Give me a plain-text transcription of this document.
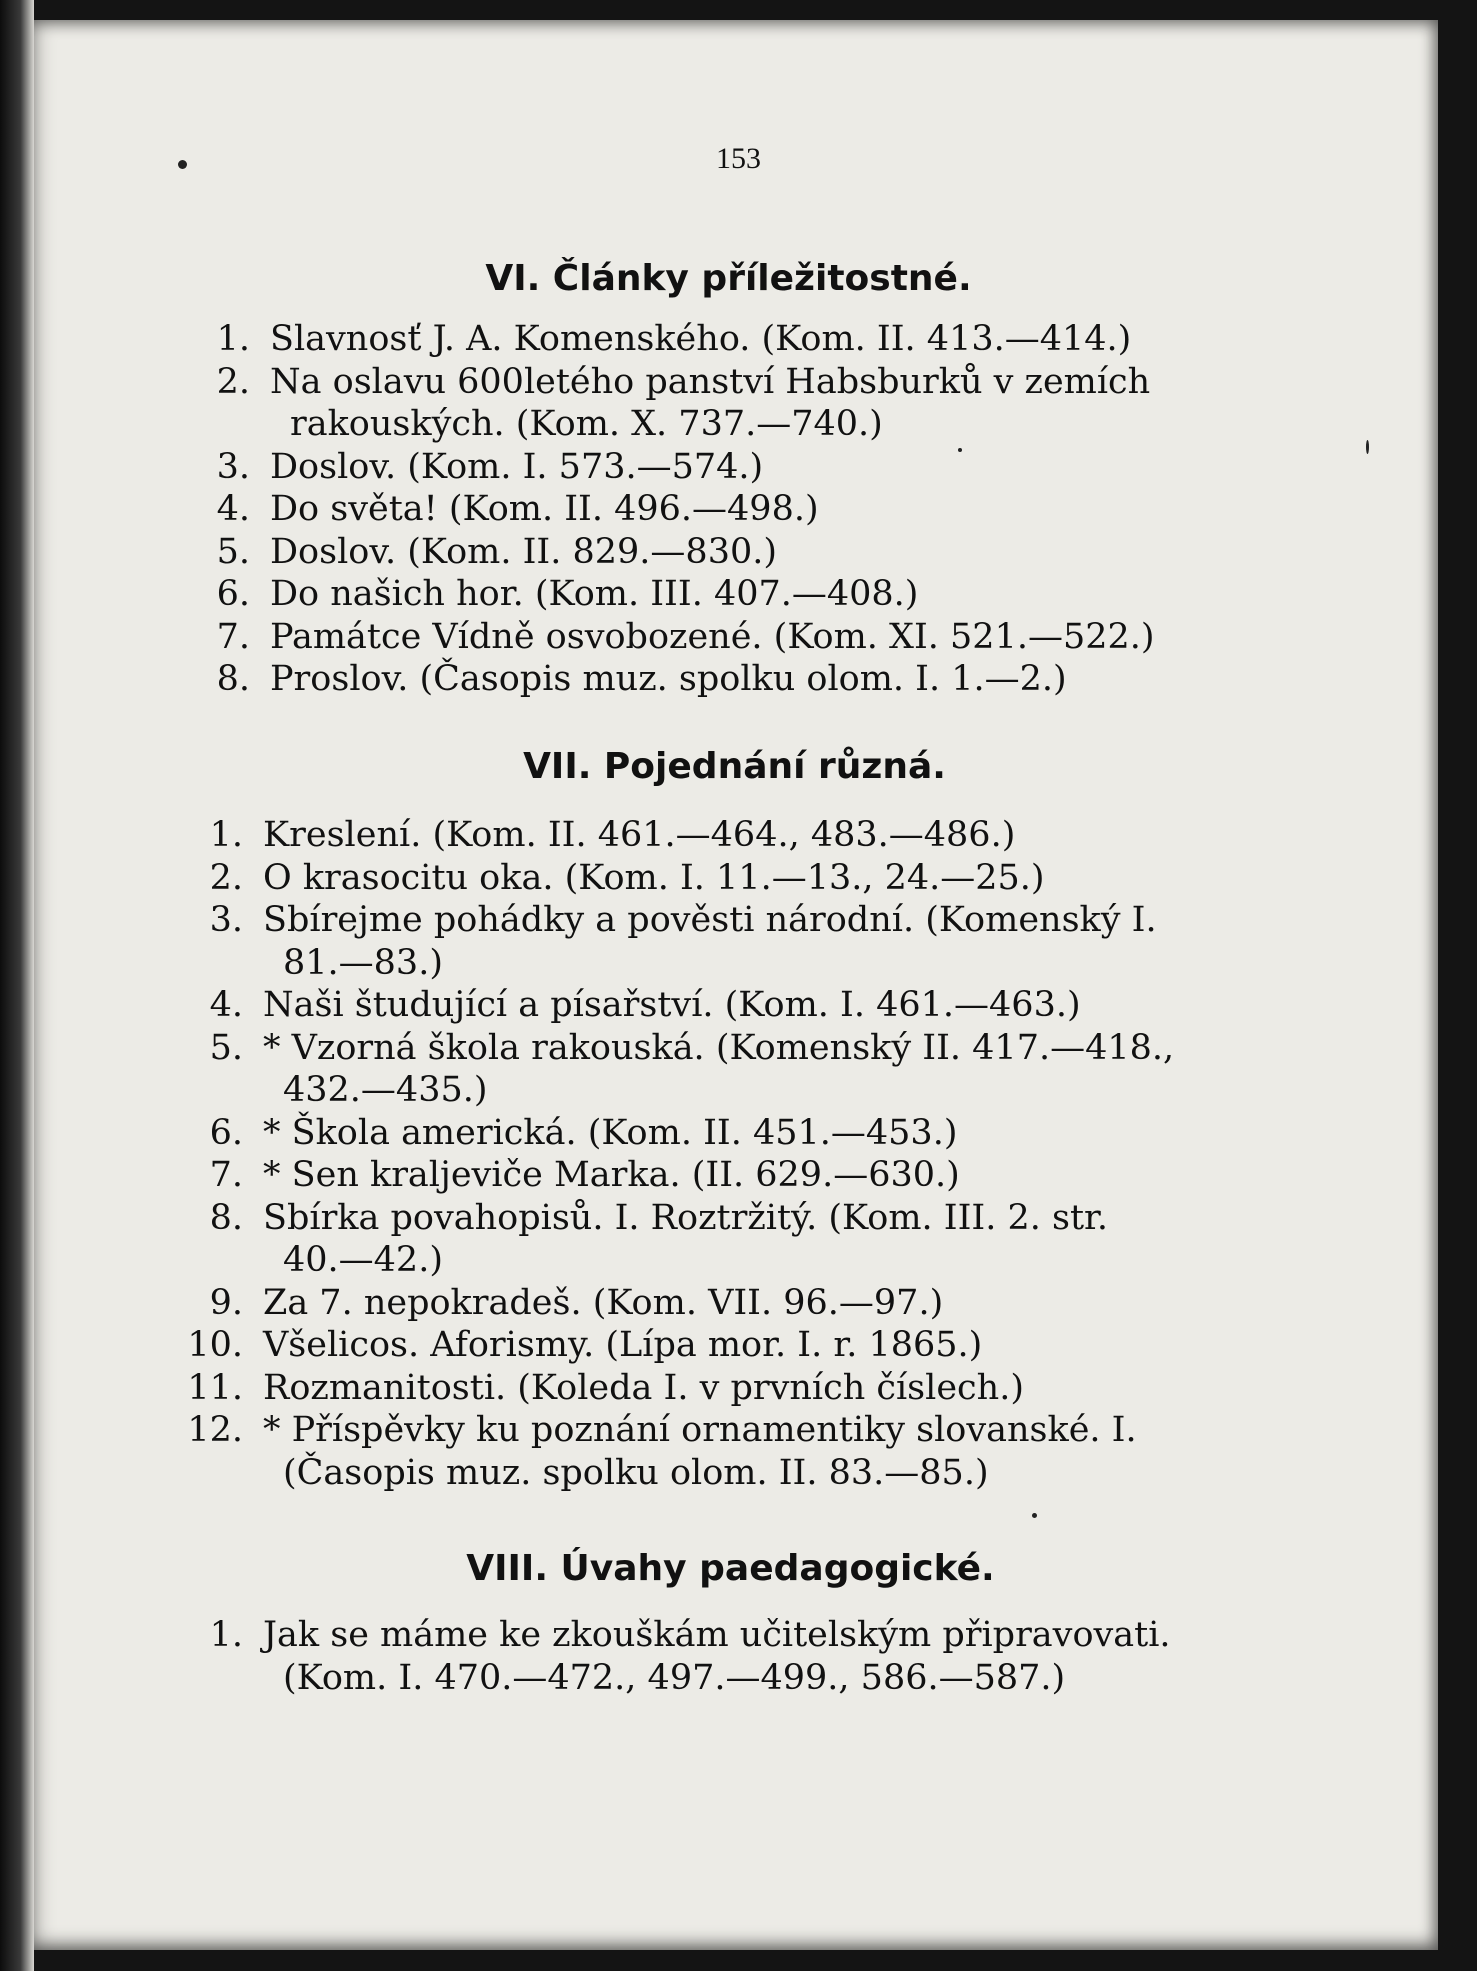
153
VI. Články příležitostné.
1. Slavnosť J. A. Komenského. (Kom. II. 413.—414.)
2. Na oslavu 600letého panství Habsburků v zemích
rakouských. (Kom. X. 737.—740.)
3. Doslov. (Kom. I. 573.—574.)
4. Do světa! (Kom. II. 496.—498.)
5. Doslov. (Kom. II. 829.—830.)
6. Do našich hor. (Kom. III. 407.—408.)
7. Památce Vídně osvobozené. (Kom. XI. 521.—522.)
8. Proslov. (Časopis muz. spolku olom. I. 1.—2.)
VII. Pojednání různá.
1. Kreslení. (Kom. II. 461.—464., 483.—486.)
2. O krasocitu oka. (Kom. I. 11.—13., 24.—25.)
3. Sbírejme pohádky a pověsti národní. (Komenský I.
81.—83.)
4. Naši študující a písařství. (Kom. I. 461.—463.)
5. * Vzorná škola rakouská. (Komenský II. 417.—418.,
432.—435.)
6. * Škola americká. (Kom. II. 451.—453.)
7. * Sen kraljeviče Marka. (II. 629.—630.)
8. Sbírka povahopisů. I. Roztržitý. (Kom. III. 2. str.
40.—42.)
9. Za 7. nepokradeš. (Kom. VII. 96.—97.)
10. Všelicos. Aforismy. (Lípa mor. I. r. 1865.)
11. Rozmanitosti. (Koleda I. v prvních číslech.)
12. * Příspěvky ku poznání ornamentiky slovanské. I.
(Časopis muz. spolku olom. II. 83.—85.)
VIII. Úvahy paedagogické.
1. Jak se máme ke zkouškám učitelským připravovati.
(Kom. I. 470.—472., 497.—499., 586.—587.)
